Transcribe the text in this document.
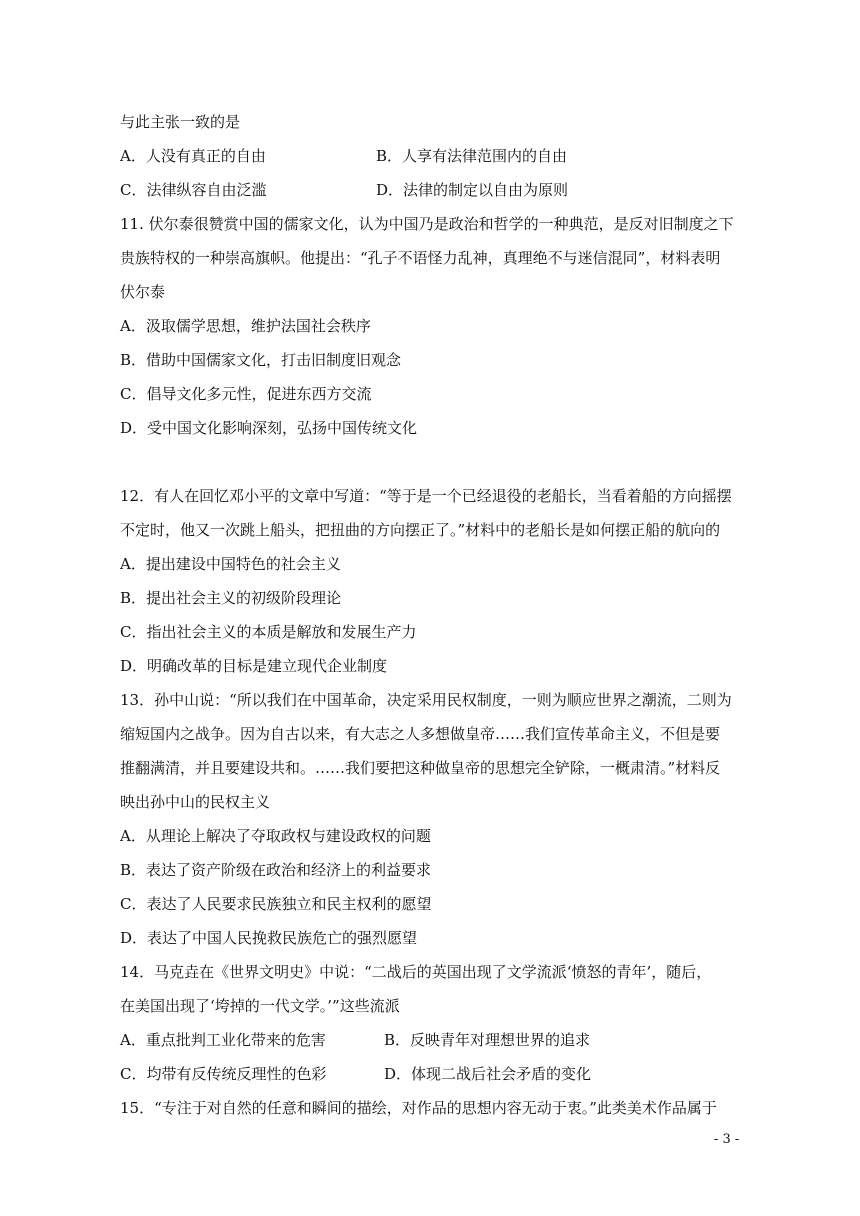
与此主张一致的是
A．人没有真正的自由	B．人享有法律范围内的自由
C．法律纵容自由泛滥	D．法律的制定以自由为原则
11. 伏尔泰很赞赏中国的儒家文化，认为中国乃是政治和哲学的一种典范，是反对旧制度之下
贵族特权的一种崇高旗帜。他提出：“孔子不语怪力乱神，真理绝不与迷信混同”，材料表明
伏尔泰
A．汲取儒学思想，维护法国社会秩序
B．借助中国儒家文化，打击旧制度旧观念
C．倡导文化多元性，促进东西方交流
D．受中国文化影响深刻，弘扬中国传统文化
12．有人在回忆邓小平的文章中写道：“等于是一个已经退役的老船长，当看着船的方向摇摆
不定时，他又一次跳上船头，把扭曲的方向摆正了。”材料中的老船长是如何摆正船的航向的
A．提出建设中国特色的社会主义
B．提出社会主义的初级阶段理论
C．指出社会主义的本质是解放和发展生产力
D．明确改革的目标是建立现代企业制度
13．孙中山说：“所以我们在中国革命，决定采用民权制度，一则为顺应世界之潮流，二则为
缩短国内之战争。因为自古以来，有大志之人多想做皇帝……我们宣传革命主义，不但是要
推翻满清，并且要建设共和。……我们要把这种做皇帝的思想完全铲除，一概肃清。”材料反
映出孙中山的民权主义
A．从理论上解决了夺取政权与建设政权的问题
B．表达了资产阶级在政治和经济上的利益要求
C．表达了人民要求民族独立和民主权利的愿望
D．表达了中国人民挽救民族危亡的强烈愿望
14．马克垚在《世界文明史》中说：“二战后的英国出现了文学流派‘愤怒的青年’，随后，
在美国出现了‘垮掉的一代文学。’”这些流派
A．重点批判工业化带来的危害	B．反映青年对理想世界的追求
C．均带有反传统反理性的色彩	D．体现二战后社会矛盾的变化
15．“专注于对自然的任意和瞬间的描绘，对作品的思想内容无动于衷。”此类美术作品属于
- 3 -
